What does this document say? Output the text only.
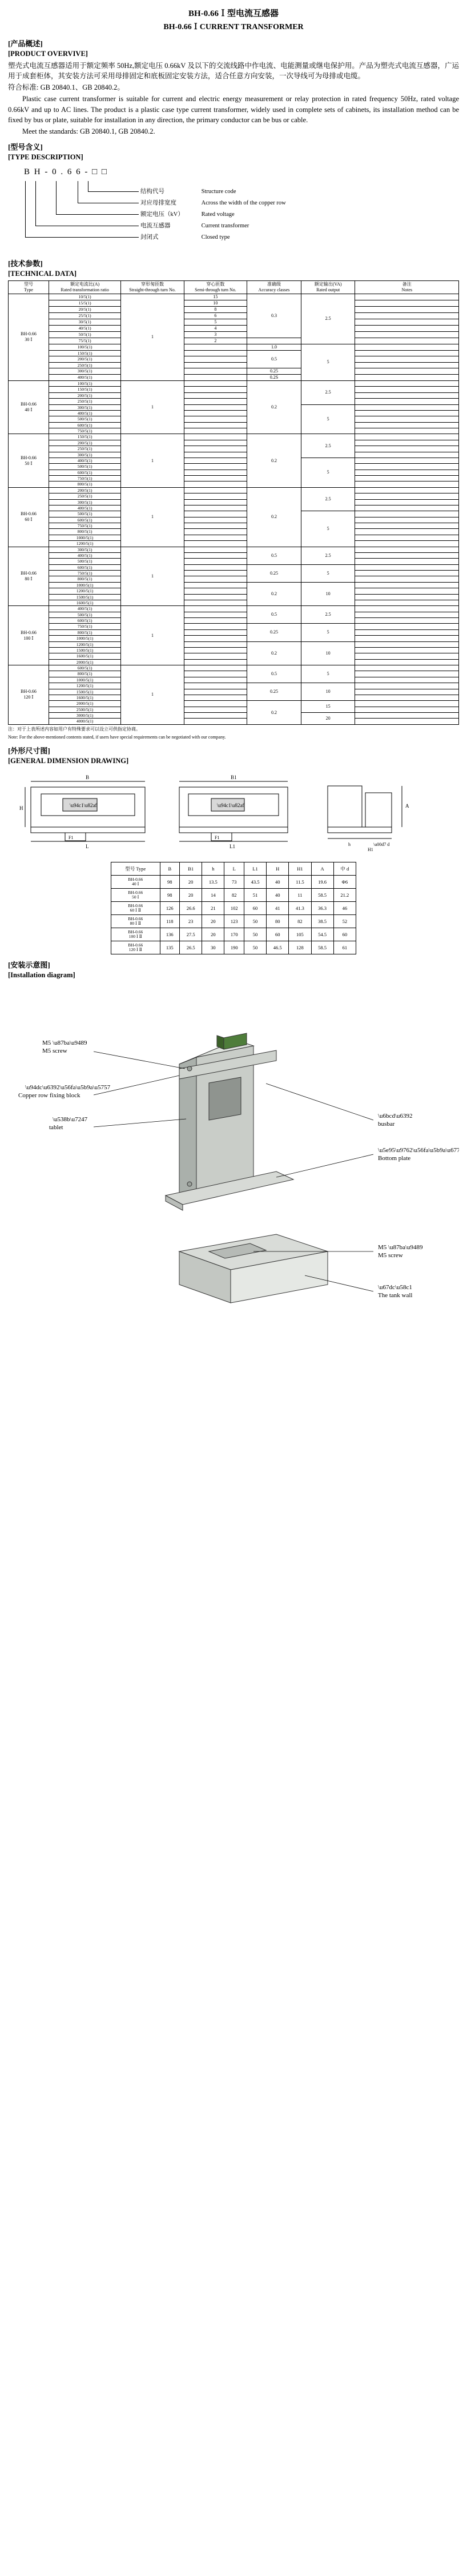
BH-0.66Ｉ型电流互感器
BH-0.66ＩCURRENT TRANSFORMER
[产品概述]
[PRODUCT OVERVIVE]

塑壳式电流互感器适用于额定频率 50Hz,额定电压 0.66kV 及以下的交流线路中作电流、电能测量或继电保护用。产品为塑壳式电流互感器，广运用于成套柜体，其安装方法可采用母排固定和底板固定安装方法，适合任意方向安装，一次导线可为母排或电缆。

符合标准: GB 20840.1、GB 20840.2。

Plastic case current transformer is suitable for current and electric energy measurement or relay protection in rated frequency 50Hz, rated voltage 0.66kV and up to AC lines. The product is a plastic case type current transformer, widely used in complete sets of cabinets, its installation method can be fixed by bus or plate, suitable for installation in any direction, the primary conductor can be bus or cable.

Meet the standards: GB 20840.1, GB 20840.2.

[型号含义]
[TYPE DESCRIPTION]
B H - 0 . 6 6 - □ □
结构代号	Structure code
对应母排宽度	Across the width of the copper row
额定电压（kV）	Rated voltage
电流互感器	Current transformer
封闭式	Closed type
[技术参数]
[TECHNICAL DATA]
型号
Type	额定电流比(A)
Rated transformation ratio	穿形匆匝数
Straight-through turn No.	穿心匝数
Semi-through turn No.	准确级
Accuracy classes	额定输出(VA)
Rated output	备注
Notes
BH-0.66
30 Ⅰ	10/5(1)	1	15	0.3	2.5	
	15/5(1)		10			
	20/5(1)		8			
	25/5(1)		6			
	30/5(1)		5			
	40/5(1)		4			
	50/5(1)		3			
	75/5(1)		2			
	100/5(1)			1.0	5	
	150/5(1)			0.5		
	200/5(1)					
	250/5(1)					
	300/5(1)			0.25		
	400/5(1)			0.2S		
BH-0.66
40 Ⅰ	100/5(1)	1		0.2	2.5	
	150/5(1)					
	200/5(1)					
	250/5(1)					
	300/5(1)				5	
	400/5(1)					
	500/5(1)					
	600/5(1)					
	750/5(1)					
BH-0.66
50 Ⅰ	150/5(1)	1		0.2	2.5	
	200/5(1)					
	250/5(1)					
	300/5(1)					
	400/5(1)				5	
	500/5(1)					
	600/5(1)					
	750/5(1)					
	800/5(1)					
BH-0.66
60 Ⅰ	200/5(1)	1		0.2	2.5	
	250/5(1)					
	300/5(1)					
	400/5(1)					
	500/5(1)				5	
	600/5(1)					
	750/5(1)					
	800/5(1)					
	1000/5(1)					
	1200/5(1)					
BH-0.66
80 Ⅰ	300/5(1)	1		0.5	2.5	
	400/5(1)					
	500/5(1)					
	600/5(1)			0.25	5	
	750/5(1)					
	800/5(1)					
	1000/5(1)			0.2	10	
	1200/5(1)					
	1500/5(1)					
	1600/5(1)					
BH-0.66
100 Ⅰ	400/5(1)	1		0.5	2.5	
	500/5(1)					
	600/5(1)					
	750/5(1)			0.25	5	
	800/5(1)					
	1000/5(1)					
	1200/5(1)			0.2	10	
	1500/5(1)					
	1600/5(1)					
	2000/5(1)					
BH-0.66
120 Ⅰ	600/5(1)	1		0.5	5	
	800/5(1)					
	1000/5(1)					
	1200/5(1)			0.25	10	
	1500/5(1)					
	1600/5(1)					
	2000/5(1)			0.2	15	
	2500/5(1)					
	3000/5(1)				20	
	4000/5(1)					

注：对于上表所述内容如用户有特殊要求可以设立可供指定协商。

Note: For the above-mentioned contents stated, if users have special requirements can be negotiated with our company.

[外形尺寸图]
[GENERAL DIMENSION DRAWING]
\u94c1\u82af
F1
H
L
B
\u94c1\u82af
F1
L1
B1
A
h	\u00d7 d
H1
型号 Type	B	B1	h	L	L1	H	H1	A	中 d
BH-0.66
40 Ⅰ	98	20	13.5	73	43.5	40	11.5	19.6	Φ6
BH-0.66
50 Ⅰ	98	20	14	82	51	40	11	58.5	21.2
BH-0.66
60 Ⅰ Ⅱ	126	26.6	21	102	60	41	41.3	36.3	46
BH-0.66
80 Ⅰ Ⅱ	118	23	20	123	50	80	82	38.5	52
BH-0.66
100 Ⅰ Ⅱ	136	27.5	20	170	50	60	105	54.5	60
BH-0.66
120 Ⅰ Ⅱ	135	26.5	30	190	50	46.5	128	58.5	61
[安装示意图]
[Installation diagram]
M5 \u87ba\u9489
M5 screw
\u94dc\u6392\u56fa\u5b9a\u5757
Copper row fixing block
\u538b\u7247
tablet
\u6bcd\u6392
busbar
\u5e95\u9762\u56fa\u5b9a\u677f
Bottom plate
M5 \u87ba\u9489
M5 screw
\u67dc\u58c1
The tank wall
